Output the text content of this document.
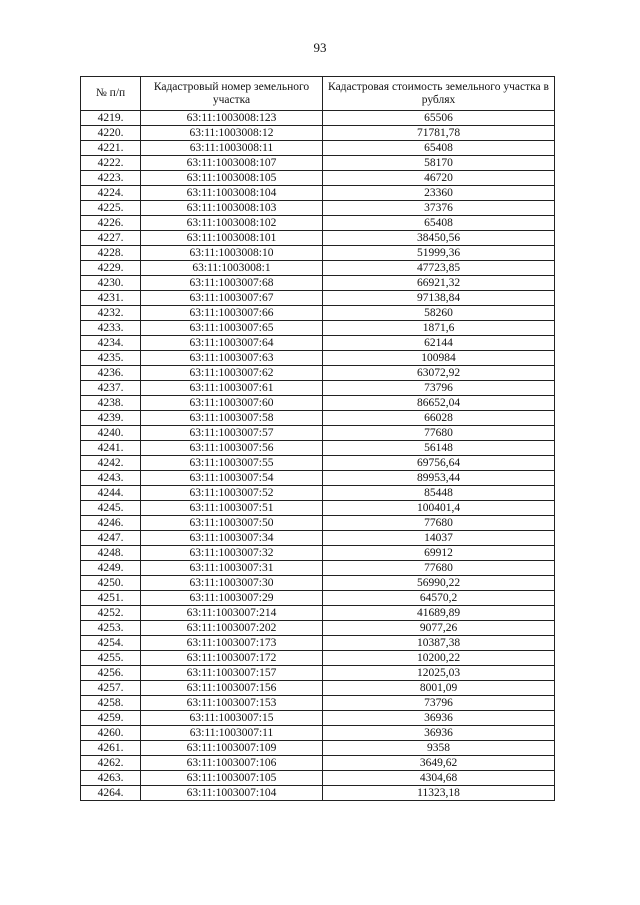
93
№ п/п	Кадастровый номер земельного участка	Кадастровая стоимость земельного участка в рублях
4219.	63:11:1003008:123	65506
4220.	63:11:1003008:12	71781,78
4221.	63:11:1003008:11	65408
4222.	63:11:1003008:107	58170
4223.	63:11:1003008:105	46720
4224.	63:11:1003008:104	23360
4225.	63:11:1003008:103	37376
4226.	63:11:1003008:102	65408
4227.	63:11:1003008:101	38450,56
4228.	63:11:1003008:10	51999,36
4229.	63:11:1003008:1	47723,85
4230.	63:11:1003007:68	66921,32
4231.	63:11:1003007:67	97138,84
4232.	63:11:1003007:66	58260
4233.	63:11:1003007:65	1871,6
4234.	63:11:1003007:64	62144
4235.	63:11:1003007:63	100984
4236.	63:11:1003007:62	63072,92
4237.	63:11:1003007:61	73796
4238.	63:11:1003007:60	86652,04
4239.	63:11:1003007:58	66028
4240.	63:11:1003007:57	77680
4241.	63:11:1003007:56	56148
4242.	63:11:1003007:55	69756,64
4243.	63:11:1003007:54	89953,44
4244.	63:11:1003007:52	85448
4245.	63:11:1003007:51	100401,4
4246.	63:11:1003007:50	77680
4247.	63:11:1003007:34	14037
4248.	63:11:1003007:32	69912
4249.	63:11:1003007:31	77680
4250.	63:11:1003007:30	56990,22
4251.	63:11:1003007:29	64570,2
4252.	63:11:1003007:214	41689,89
4253.	63:11:1003007:202	9077,26
4254.	63:11:1003007:173	10387,38
4255.	63:11:1003007:172	10200,22
4256.	63:11:1003007:157	12025,03
4257.	63:11:1003007:156	8001,09
4258.	63:11:1003007:153	73796
4259.	63:11:1003007:15	36936
4260.	63:11:1003007:11	36936
4261.	63:11:1003007:109	9358
4262.	63:11:1003007:106	3649,62
4263.	63:11:1003007:105	4304,68
4264.	63:11:1003007:104	11323,18
